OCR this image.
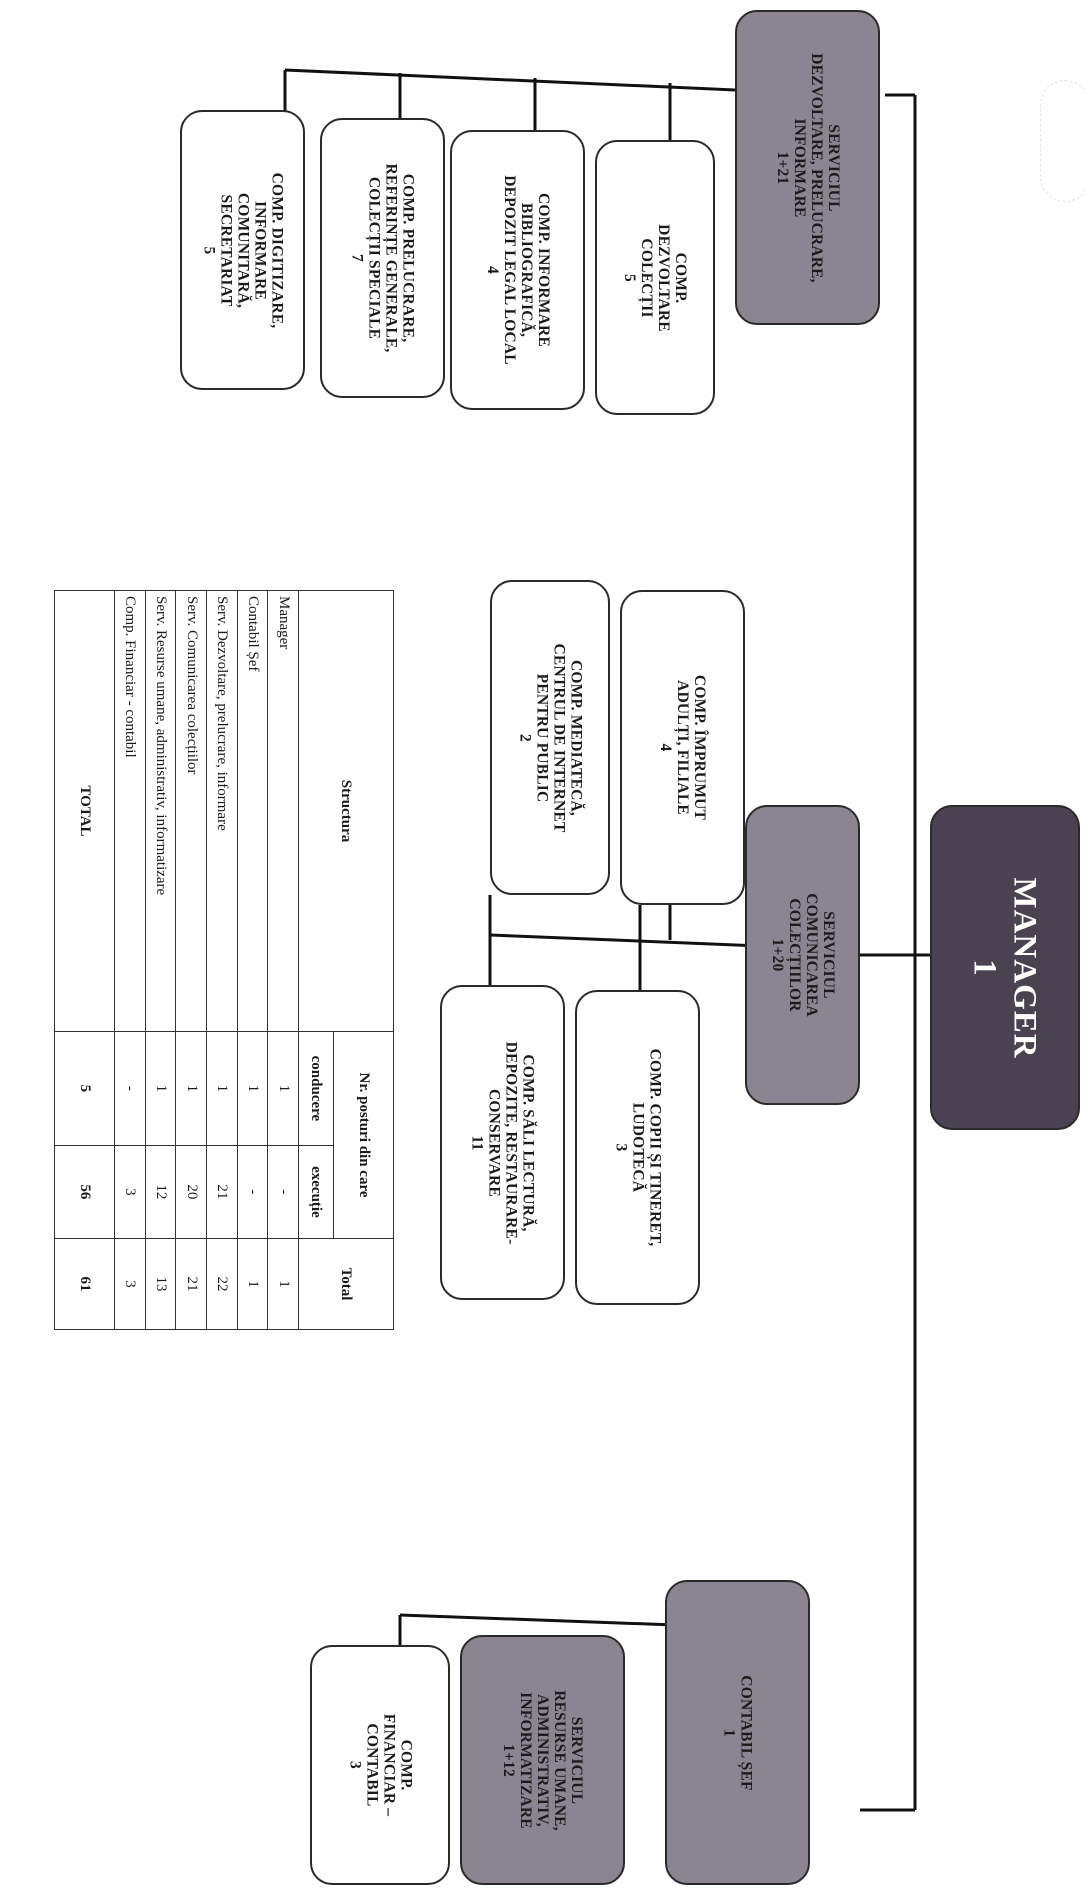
MANAGER
1
SERVICIUL
DEZVOLTARE, PRELUCRARE,
INFORMARE
1+21
COMP.
DEZVOLTARE
COLECȚII
5
COMP. INFORMARE
BIBLIOGRAFICĂ,
DEPOZIT LEGAL LOCAL
4
COMP. PRELUCRARE,
REFERINȚE GENERALE,
COLECȚII SPECIALE
7
COMP. DIGITIZARE,
INFORMARE
COMUNITARĂ,
SECRETARIAT
5
SERVICIUL
COMUNICAREA
COLECȚIILOR
1+20
COMP. ÎMPRUMUT
ADULȚI, FILIALE
4
COMP. MEDIATECĂ,
CENTRUL DE INTERNET
PENTRU PUBLIC
2
COMP. COPII ȘI TINERET,
LUDOTECĂ
3
COMP. SĂLI LECTURĂ,
DEPOZITE, RESTAURARE-
CONSERVARE
11
CONTABIL ȘEF
1
SERVICIUL
RESURSE UMANE,
ADMINISTRATIV,
INFORMATIZARE
1+12
COMP.
FINANCIAR –
CONTABIL
3
Structura	Nr. posturi din care		Total
	conducere	execuție	
Manager	1	-	1
Contabil Șef	1	-	1
Serv. Dezvoltare, prelucrare, informare	1	21	22
Serv. Comunicarea colecțiilor	1	20	21
Serv. Resurse umane, administrativ, informatizare	1	12	13
Comp. Financiar - contabil	-	3	3
TOTAL	5	56	61
